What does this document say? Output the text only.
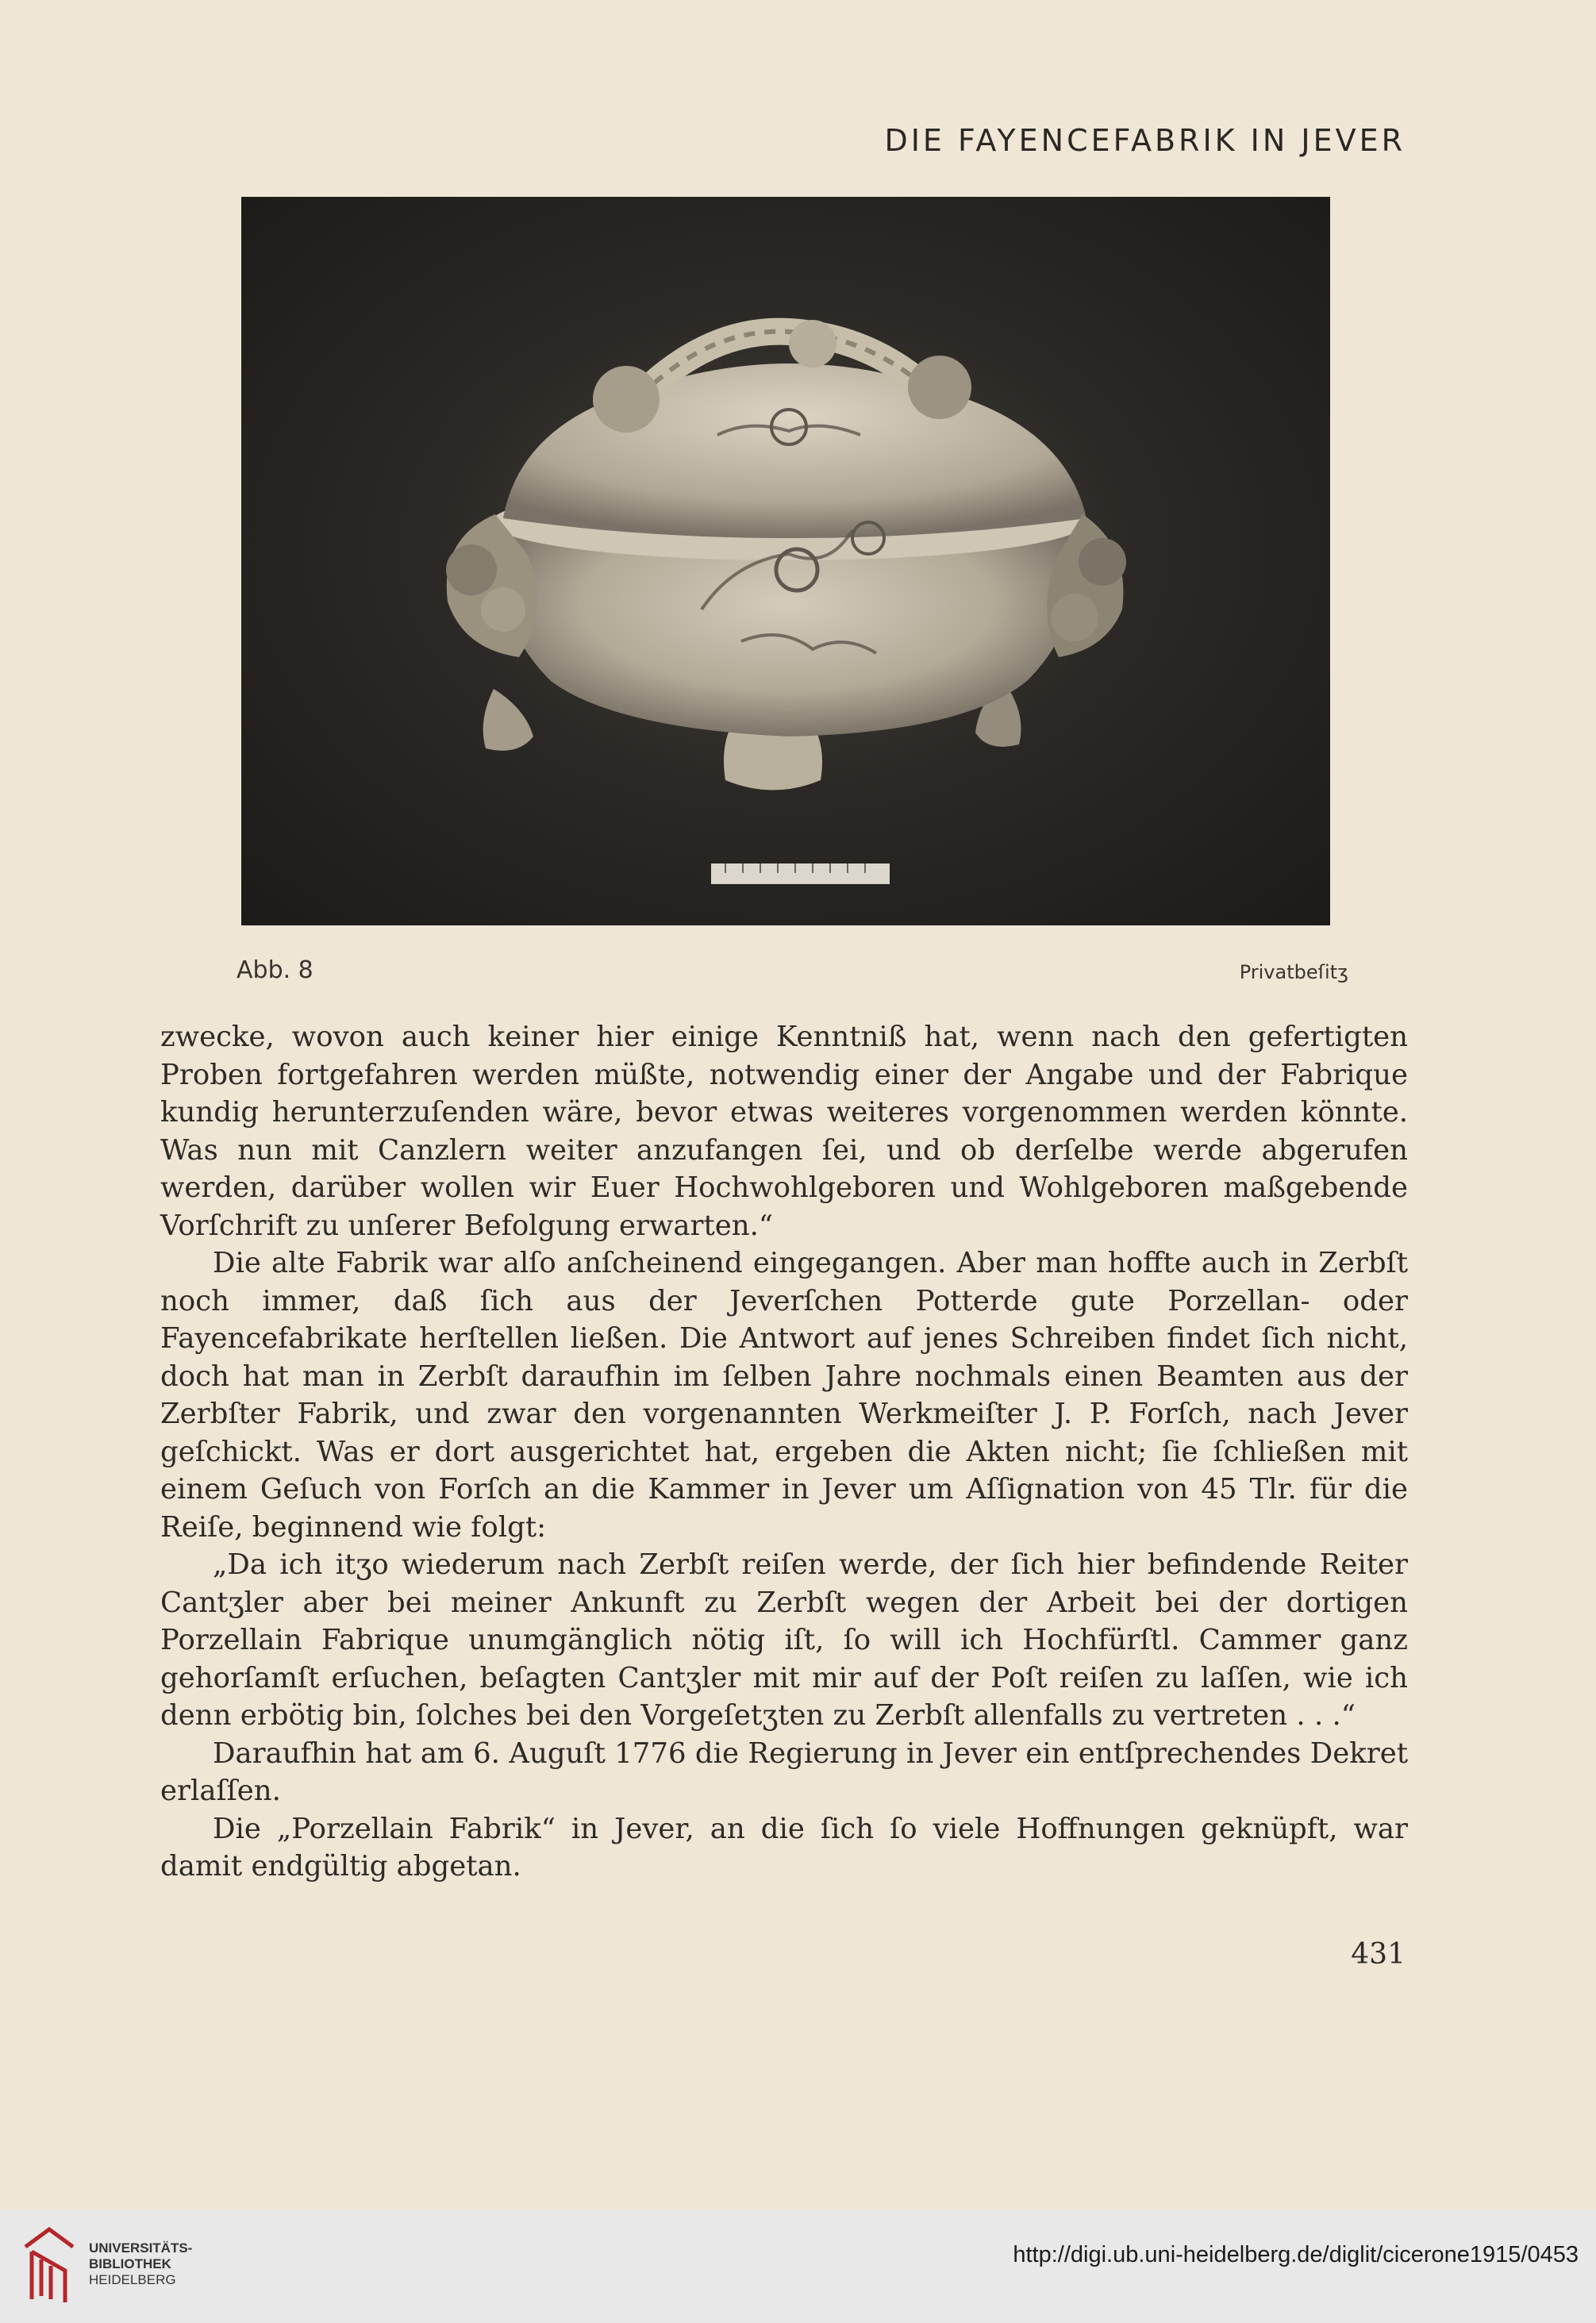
DIE FAYENCEFABRIK IN JEVER
Abb. 8	Privatbeſitʒ

zwecke, wovon auch keiner hier einige Kenntniß hat, wenn nach den gefertigten Proben fortgefahren werden müßte, notwendig einer der Angabe und der Fabrique kundig herunterzuſenden wäre, bevor etwas weiteres vorgenommen werden könnte. Was nun mit Canzlern weiter anzufangen ſei, und ob derſelbe werde abgerufen werden, darüber wollen wir Euer Hochwohlgeboren und Wohlgeboren maßgebende Vorſchrift zu unſerer Befolgung erwarten.“

Die alte Fabrik war alſo anſcheinend eingegangen. Aber man hoffte auch in Zerbſt noch immer, daß ſich aus der Jeverſchen Potterde gute Porzellan- oder Fayencefabrikate herſtellen ließen. Die Antwort auf jenes Schreiben findet ſich nicht, doch hat man in Zerbſt daraufhin im ſelben Jahre nochmals einen Beamten aus der Zerbſter Fabrik, und zwar den vorgenannten Werkmeiſter J. P. Forſch, nach Jever geſchickt. Was er dort ausgerichtet hat, ergeben die Akten nicht; ſie ſchließen mit einem Geſuch von Forſch an die Kammer in Jever um Aſſignation von 45 Tlr. für die Reiſe, beginnend wie folgt:

„Da ich itʒo wiederum nach Zerbſt reiſen werde, der ſich hier befindende Reiter Cantʒler aber bei meiner Ankunft zu Zerbſt wegen der Arbeit bei der dortigen Porzellain Fabrique unumgänglich nötig iſt, ſo will ich Hochfürſtl. Cammer ganz gehorſamſt erſuchen, beſagten Cantʒler mit mir auf der Poſt reiſen zu laſſen, wie ich denn erbötig bin, ſolches bei den Vorgeſetʒten zu Zerbſt allenfalls zu vertreten . . .“

Daraufhin hat am 6. Auguſt 1776 die Regierung in Jever ein entſprechendes Dekret erlaſſen.

Die „Porzellain Fabrik“ in Jever, an die ſich ſo viele Hoffnungen geknüpft, war damit endgültig abgetan.

431
UNIVERSITÄTS-
BIBLIOTHEK
HEIDELBERG
http://digi.ub.uni-heidelberg.de/diglit/cicerone1915/0453
